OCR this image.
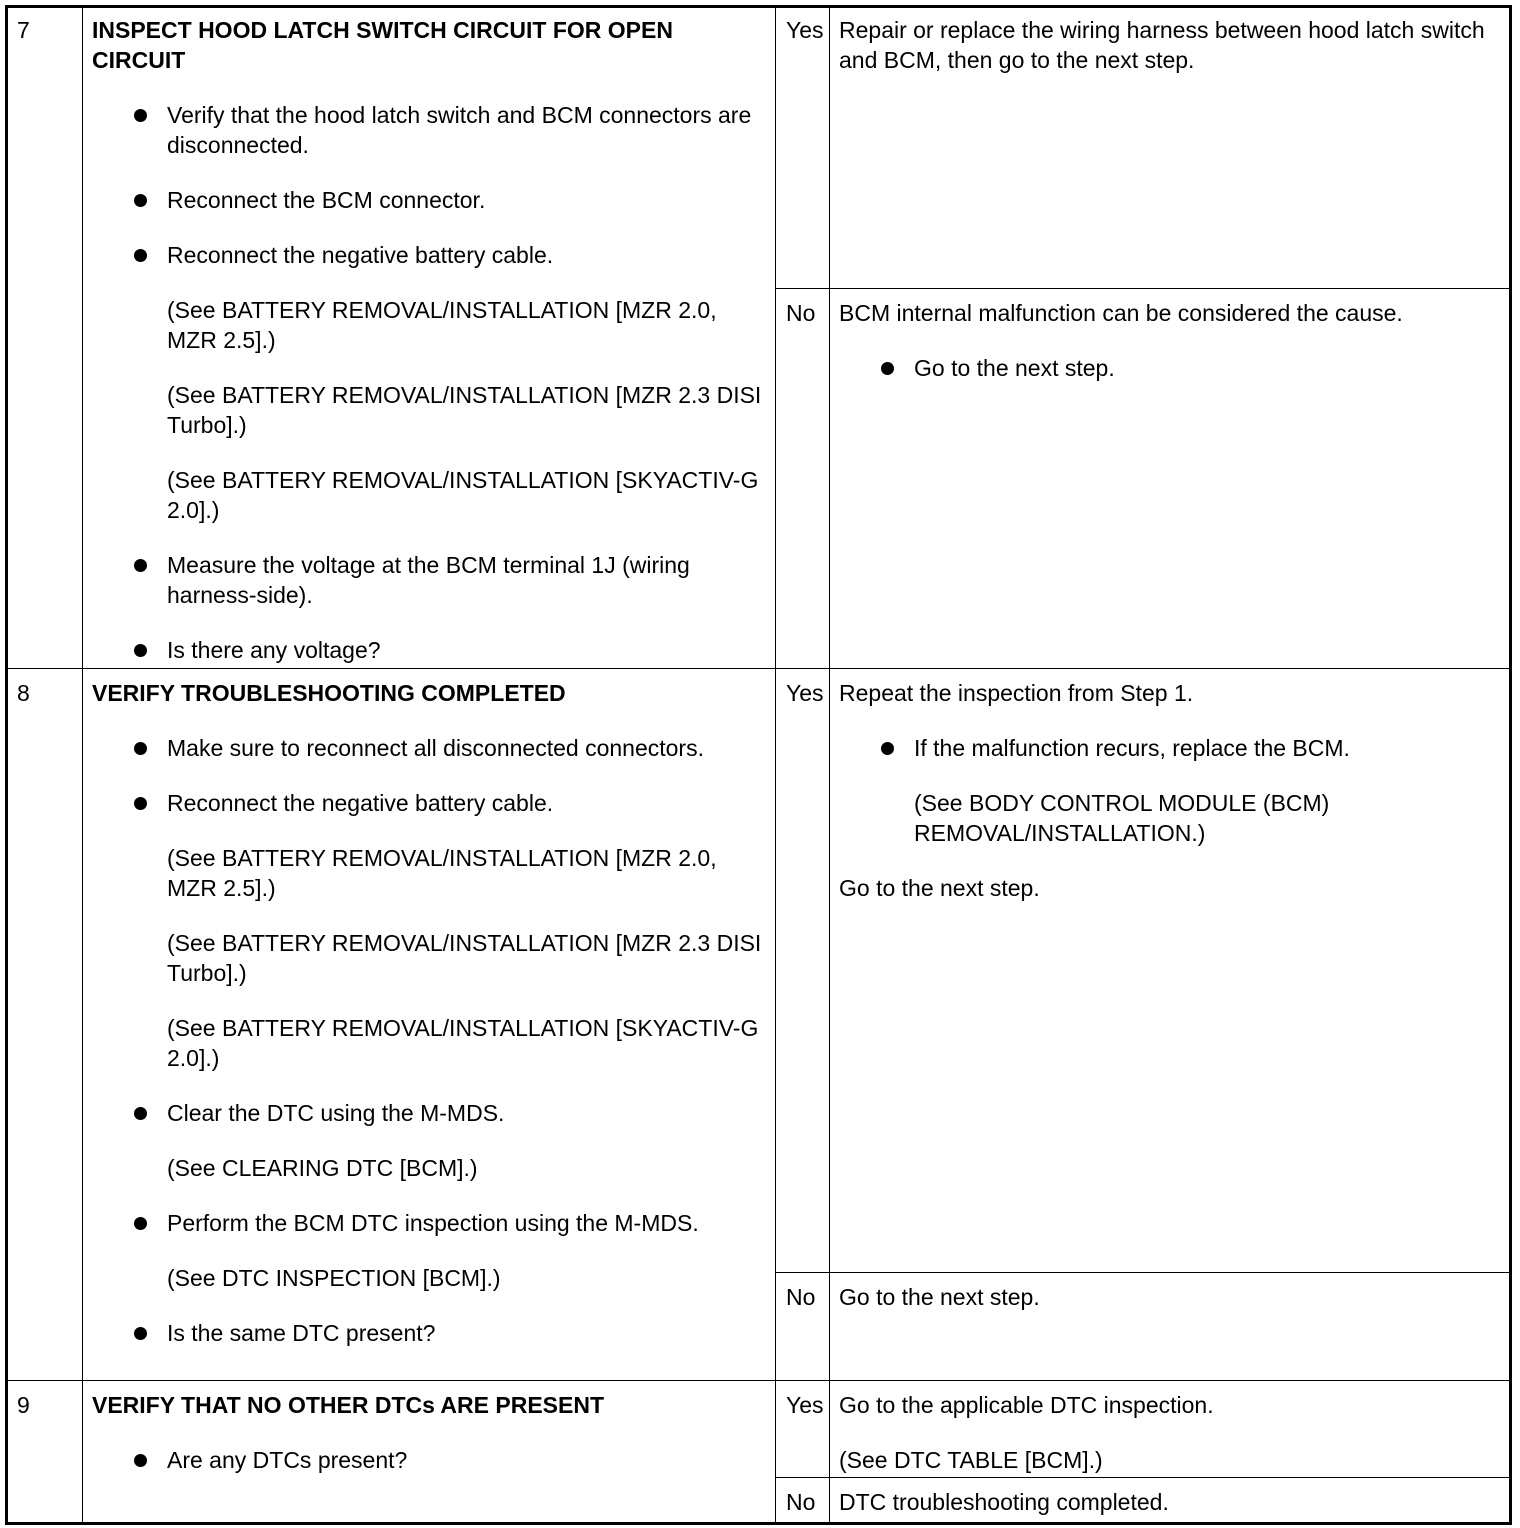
7	INSPECT HOOD LATCH SWITCH CIRCUIT FOR OPEN CIRCUIT
Verify that the hood latch switch and BCM connectors are disconnected.
Reconnect the BCM connector.
Reconnect the negative battery cable.
(See BATTERY REMOVAL/INSTALLATION [MZR 2.0, MZR 2.5].)
(See BATTERY REMOVAL/INSTALLATION [MZR 2.3 DISI Turbo].)
(See BATTERY REMOVAL/INSTALLATION [SKYACTIV-G 2.0].)
Measure the voltage at the BCM terminal 1J (wiring harness-side).
Is there any voltage?
Yes Repair or replace the wiring harness between hood latch switch and BCM, then go to the next step.
No	BCM internal malfunction can be considered the cause.
Go to the next step.
8	VERIFY TROUBLESHOOTING COMPLETED
Make sure to reconnect all disconnected connectors.
Reconnect the negative battery cable.
(See BATTERY REMOVAL/INSTALLATION [MZR 2.0, MZR 2.5].)
(See BATTERY REMOVAL/INSTALLATION [MZR 2.3 DISI Turbo].)
(See BATTERY REMOVAL/INSTALLATION [SKYACTIV-G 2.0].)
Clear the DTC using the M-MDS.
(See CLEARING DTC [BCM].)
Perform the BCM DTC inspection using the M-MDS.
(See DTC INSPECTION [BCM].)
Is the same DTC present?
Yes Repeat the inspection from Step 1.
If the malfunction recurs, replace the BCM.
(See BODY CONTROL MODULE (BCM) REMOVAL/INSTALLATION.)
Go to the next step.
No	Go to the next step.
9	VERIFY THAT NO OTHER DTCs ARE PRESENT
Are any DTCs present?
Yes Go to the applicable DTC inspection.
(See DTC TABLE [BCM].)
No	DTC troubleshooting completed.
